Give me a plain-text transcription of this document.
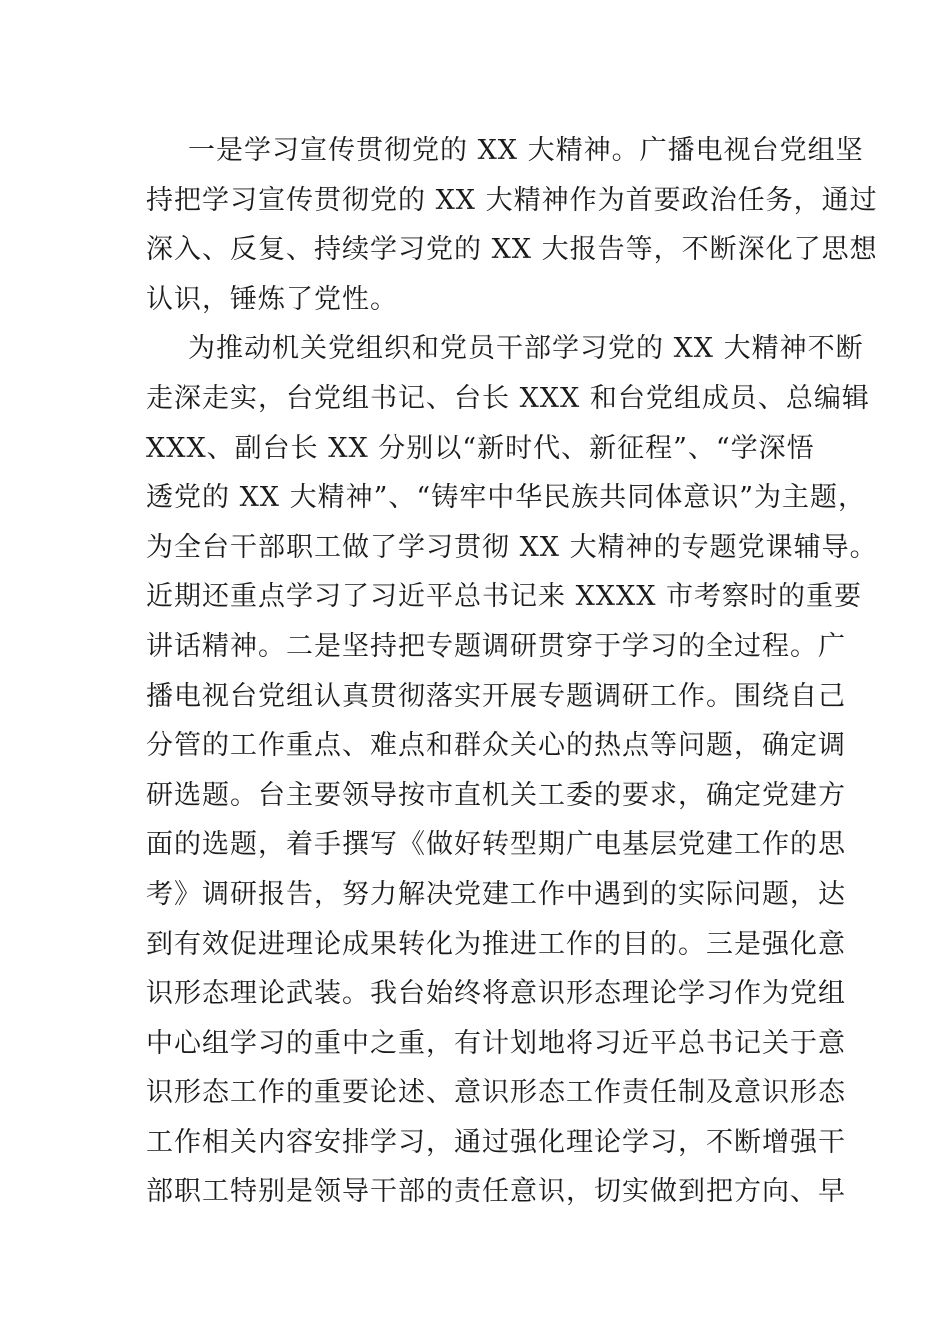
一是学习宣传贯彻党的 XX 大精神。广播电视台党组坚
持把学习宣传贯彻党的 XX 大精神作为首要政治任务，通过
深入、反复、持续学习党的 XX 大报告等，不断深化了思想
认识，锤炼了党性。
为推动机关党组织和党员干部学习党的 XX 大精神不断
走深走实，台党组书记、台长 XXX 和台党组成员、总编辑
XXX、副台长 XX 分别以“新时代、新征程”、“学深悟
透党的 XX 大精神”、“铸牢中华民族共同体意识”为主题，
为全台干部职工做了学习贯彻 XX 大精神的专题党课辅导。
近期还重点学习了习近平总书记来 XXXX 市考察时的重要
讲话精神。二是坚持把专题调研贯穿于学习的全过程。广
播电视台党组认真贯彻落实开展专题调研工作。围绕自己
分管的工作重点、难点和群众关心的热点等问题，确定调
研选题。台主要领导按市直机关工委的要求，确定党建方
面的选题，着手撰写《做好转型期广电基层党建工作的思
考》调研报告，努力解决党建工作中遇到的实际问题，达
到有效促进理论成果转化为推进工作的目的。三是强化意
识形态理论武装。我台始终将意识形态理论学习作为党组
中心组学习的重中之重，有计划地将习近平总书记关于意
识形态工作的重要论述、意识形态工作责任制及意识形态
工作相关内容安排学习，通过强化理论学习，不断增强干
部职工特别是领导干部的责任意识，切实做到把方向、早
